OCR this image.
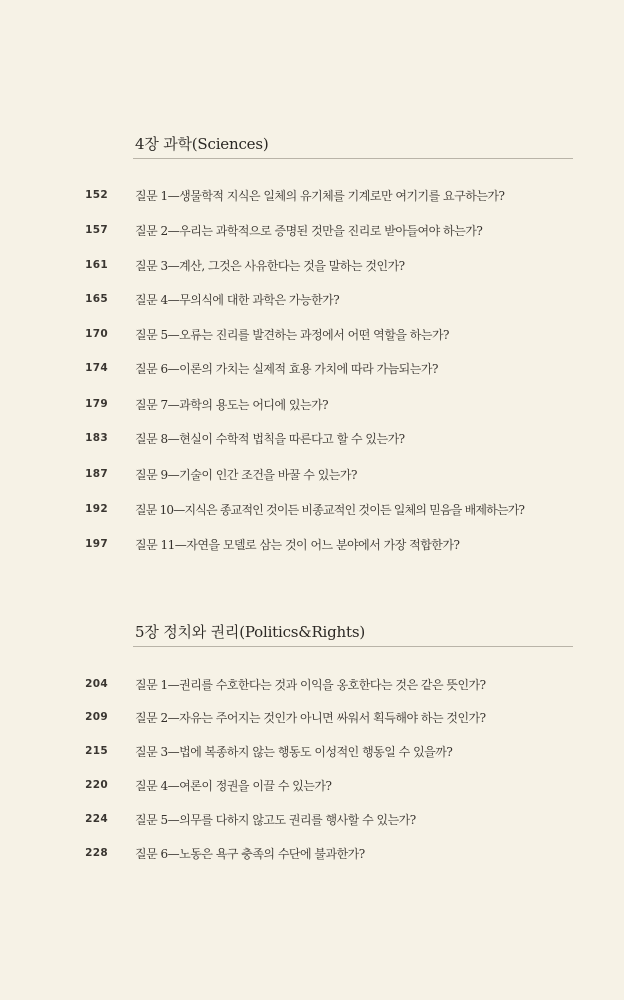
4장 과학(Sciences)
152 질문 1—생물학적 지식은 일체의 유기체를 기계로만 여기기를 요구하는가?
157 질문 2—우리는 과학적으로 증명된 것만을 진리로 받아들여야 하는가?
161 질문 3—계산, 그것은 사유한다는 것을 말하는 것인가?
165 질문 4—무의식에 대한 과학은 가능한가?
170 질문 5—오류는 진리를 발견하는 과정에서 어떤 역할을 하는가?
174 질문 6—이론의 가치는 실제적 효용 가치에 따라 가늠되는가?
179 질문 7—과학의 용도는 어디에 있는가?
183 질문 8—현실이 수학적 법칙을 따른다고 할 수 있는가?
187 질문 9—기술이 인간 조건을 바꿀 수 있는가?
192 질문 10—지식은 종교적인 것이든 비종교적인 것이든 일체의 믿음을 배제하는가?
197 질문 11—자연을 모델로 삼는 것이 어느 분야에서 가장 적합한가?
5장 정치와 권리(Politics&Rights)
204 질문 1—권리를 수호한다는 것과 이익을 옹호한다는 것은 같은 뜻인가?
209 질문 2—자유는 주어지는 것인가 아니면 싸워서 획득해야 하는 것인가?
215 질문 3—법에 복종하지 않는 행동도 이성적인 행동일 수 있을까?
220 질문 4—여론이 정권을 이끌 수 있는가?
224 질문 5—의무를 다하지 않고도 권리를 행사할 수 있는가?
228 질문 6—노동은 욕구 충족의 수단에 불과한가?
